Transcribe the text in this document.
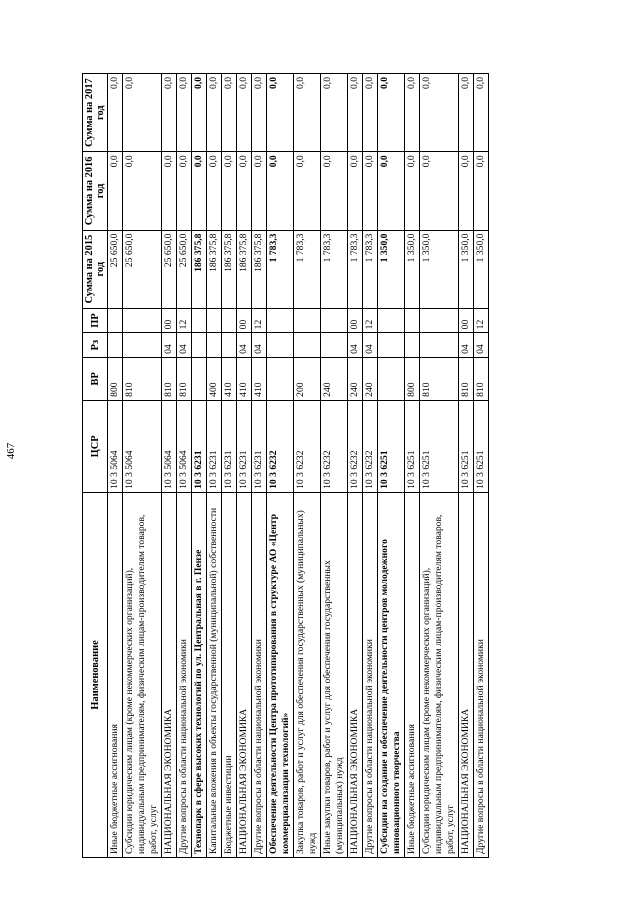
467
Наименование	ЦСР	ВР	Рз	ПР	Сумма на 2015 год	Сумма на 2016 год	Сумма на 2017 год
Иные бюджетные ассигнования	10 3 5064	800			25 650,0	0,0	0,0
Субсидии юридическим лицам (кроме некоммерческих организаций), индивидуальным предпринимателям, физическим лицам-производителям товаров, работ, услуг	10 3 5064	810			25 650,0	0,0	0,0
НАЦИОНАЛЬНАЯ ЭКОНОМИКА	10 3 5064	810	04	00	25 650,0	0,0	0,0
Другие вопросы в области национальной экономики	10 3 5064	810	04	12	25 650,0	0,0	0,0
Технопарк в сфере высоких технологий по ул. Центральная в г. Пензе	10 3 6231				186 375,8	0,0	0,0
Капитальные вложения в объекты государственной (муниципальной) собственности	10 3 6231	400			186 375,8	0,0	0,0
Бюджетные инвестиции	10 3 6231	410			186 375,8	0,0	0,0
НАЦИОНАЛЬНАЯ ЭКОНОМИКА	10 3 6231	410	04	00	186 375,8	0,0	0,0
Другие вопросы в области национальной экономики	10 3 6231	410	04	12	186 375,8	0,0	0,0
Обеспечение деятельности Центра прототипирования в структуре АО «Центр коммерциализации технологий»	10 3 6232				1 783,3	0,0	0,0
Закупка товаров, работ и услуг для обеспечения государственных (муниципальных) нужд	10 3 6232	200			1 783,3	0,0	0,0
Иные закупки товаров, работ и услуг для обеспечения государственных (муниципальных) нужд	10 3 6232	240			1 783,3	0,0	0,0
НАЦИОНАЛЬНАЯ ЭКОНОМИКА	10 3 6232	240	04	00	1 783,3	0,0	0,0
Другие вопросы в области национальной экономики	10 3 6232	240	04	12	1 783,3	0,0	0,0
Субсидии на создание и обеспечение деятельности центров молодежного инновационного творчества	10 3 6251				1 350,0	0,0	0,0
Иные бюджетные ассигнования	10 3 6251	800			1 350,0	0,0	0,0
Субсидии юридическим лицам (кроме некоммерческих организаций), индивидуальным предпринимателям, физическим лицам-производителям товаров, работ, услуг	10 3 6251	810			1 350,0	0,0	0,0
НАЦИОНАЛЬНАЯ ЭКОНОМИКА	10 3 6251	810	04	00	1 350,0	0,0	0,0
Другие вопросы в области национальной экономики	10 3 6251	810	04	12	1 350,0	0,0	0,0
